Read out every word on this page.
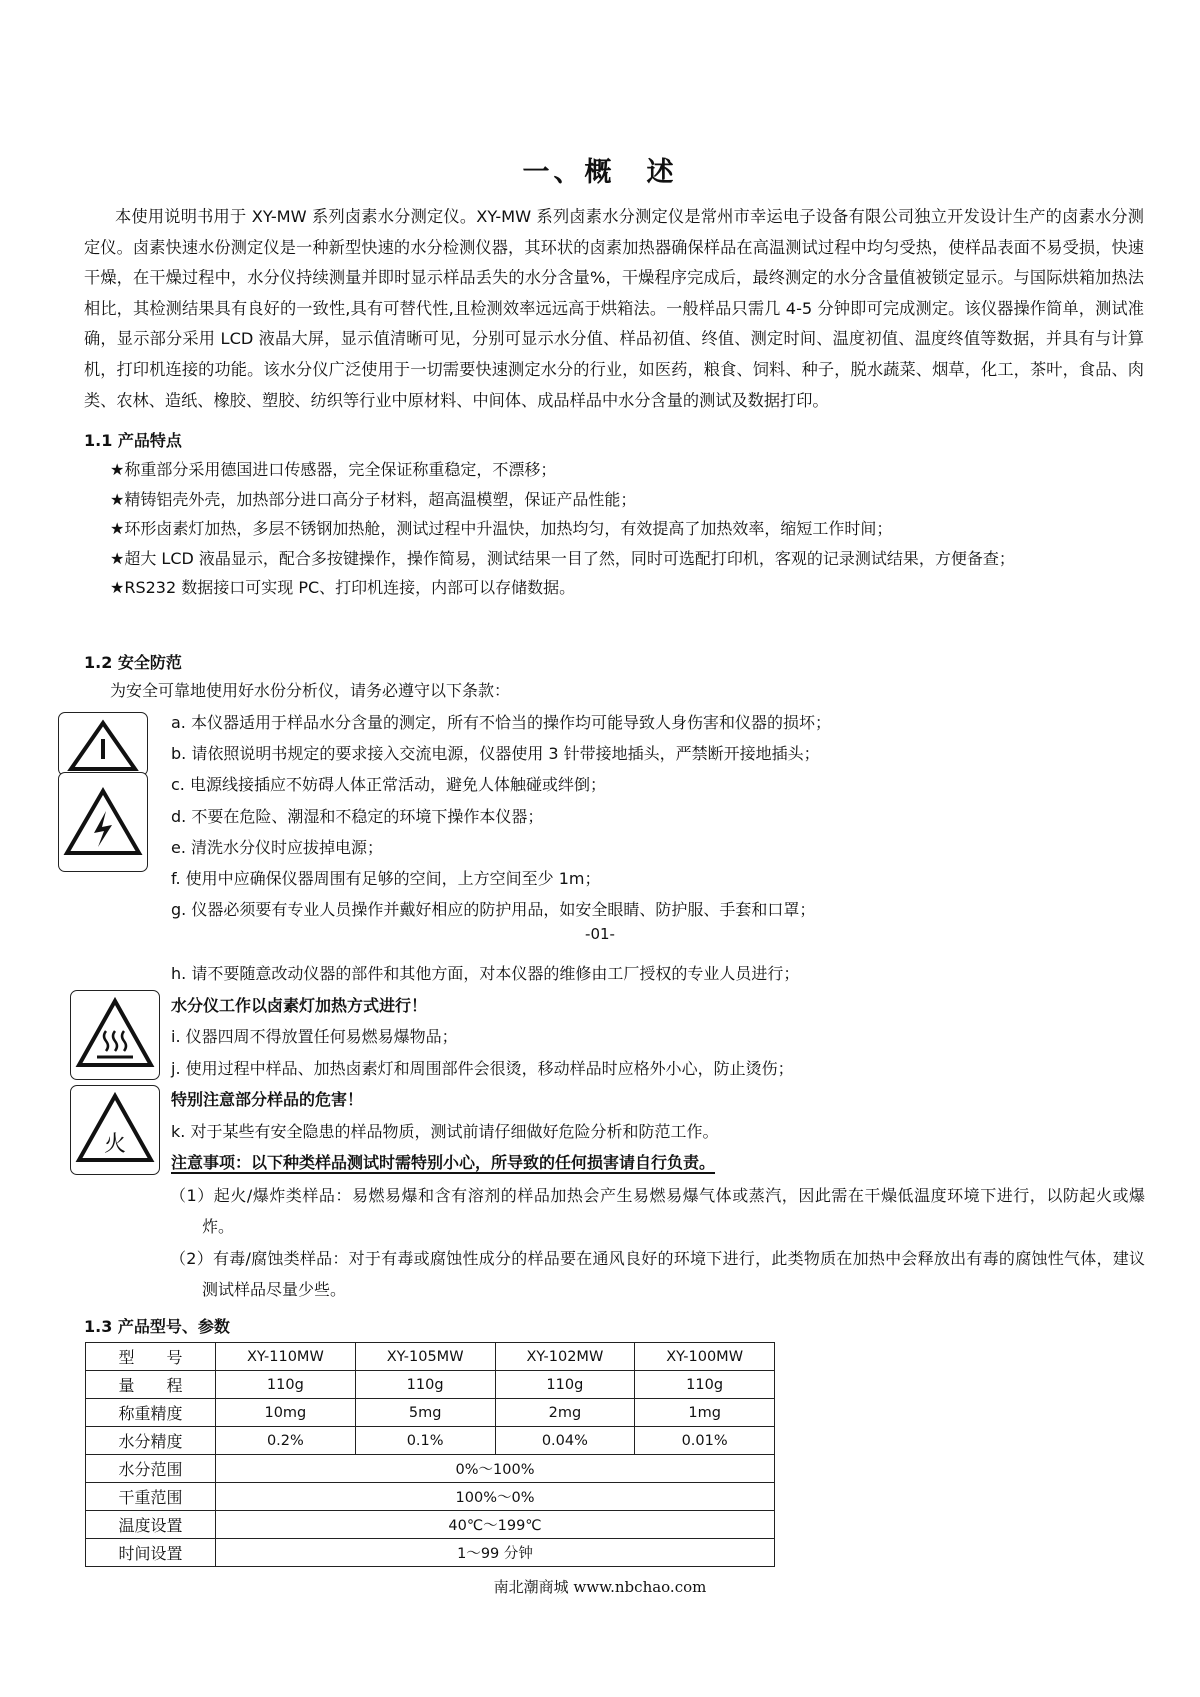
一、概　述
本使用说明书用于 XY-MW 系列卤素水分测定仪。XY-MW 系列卤素水分测定仪是常州市幸运电子设备有限公司独立开发设计生产的卤素水分测定仪。卤素快速水份测定仪是一种新型快速的水分检测仪器，其环状的卤素加热器确保样品在高温测试过程中均匀受热，使样品表面不易受损，快速干燥，在干燥过程中，水分仪持续测量并即时显示样品丢失的水分含量%，干燥程序完成后，最终测定的水分含量值被锁定显示。与国际烘箱加热法相比，其检测结果具有良好的一致性,具有可替代性,且检测效率远远高于烘箱法。一般样品只需几 4-5 分钟即可完成测定。该仪器操作简单，测试准确，显示部分采用 LCD 液晶大屏，显示值清晰可见，分别可显示水分值、样品初值、终值、测定时间、温度初值、温度终值等数据，并具有与计算机，打印机连接的功能。该水分仪广泛使用于一切需要快速测定水分的行业，如医药，粮食、饲料、种子，脱水蔬菜、烟草，化工，茶叶，食品、肉类、农林、造纸、橡胶、塑胶、纺织等行业中原材料、中间体、成品样品中水分含量的测试及数据打印。
1.1 产品特点
★称重部分采用德国进口传感器，完全保证称重稳定，不漂移；
★精铸铝壳外壳，加热部分进口高分子材料，超高温模塑，保证产品性能；
★环形卤素灯加热，多层不锈钢加热舱，测试过程中升温快，加热均匀，有效提高了加热效率，缩短工作时间；
★超大 LCD 液晶显示，配合多按键操作，操作简易，测试结果一目了然，同时可选配打印机，客观的记录测试结果，方便备查；
★RS232 数据接口可实现 PC、打印机连接，内部可以存储数据。
1.2 安全防范
为安全可靠地使用好水份分析仪，请务必遵守以下条款：
火
a. 本仪器适用于样品水分含量的测定，所有不恰当的操作均可能导致人身伤害和仪器的损坏；
b. 请依照说明书规定的要求接入交流电源，仪器使用 3 针带接地插头，严禁断开接地插头；
c. 电源线接插应不妨碍人体正常活动，避免人体触碰或绊倒；
d. 不要在危险、潮湿和不稳定的环境下操作本仪器；
e. 清洗水分仪时应拔掉电源；
f. 使用中应确保仪器周围有足够的空间，上方空间至少 1m；
g. 仪器必须要有专业人员操作并戴好相应的防护用品，如安全眼睛、防护服、手套和口罩；
-01-
h. 请不要随意改动仪器的部件和其他方面，对本仪器的维修由工厂授权的专业人员进行；
水分仪工作以卤素灯加热方式进行！
i. 仪器四周不得放置任何易燃易爆物品；
j. 使用过程中样品、加热卤素灯和周围部件会很烫，移动样品时应格外小心，防止烫伤；
特别注意部分样品的危害！
k. 对于某些有安全隐患的样品物质，测试前请仔细做好危险分析和防范工作。
注意事项：以下种类样品测试时需特别小心，所导致的任何损害请自行负责。
（1）起火/爆炸类样品：易燃易爆和含有溶剂的样品加热会产生易燃易爆气体或蒸汽，因此需在干燥低温度环境下进行，以防起火或爆炸。
（2）有毒/腐蚀类样品：对于有毒或腐蚀性成分的样品要在通风良好的环境下进行，此类物质在加热中会释放出有毒的腐蚀性气体，建议测试样品尽量少些。
1.3 产品型号、参数
型　　号	XY-110MW	XY-105MW	XY-102MW	XY-100MW
量　　程	110g	110g	110g	110g
称重精度	10mg	5mg	2mg	1mg
水分精度	0.2%	0.1%	0.04%	0.01%
水分范围	0%～100%			
干重范围	100%～0%			
温度设置	40℃～199℃			
时间设置	1～99 分钟			
南北潮商城 www.nbchao.com
